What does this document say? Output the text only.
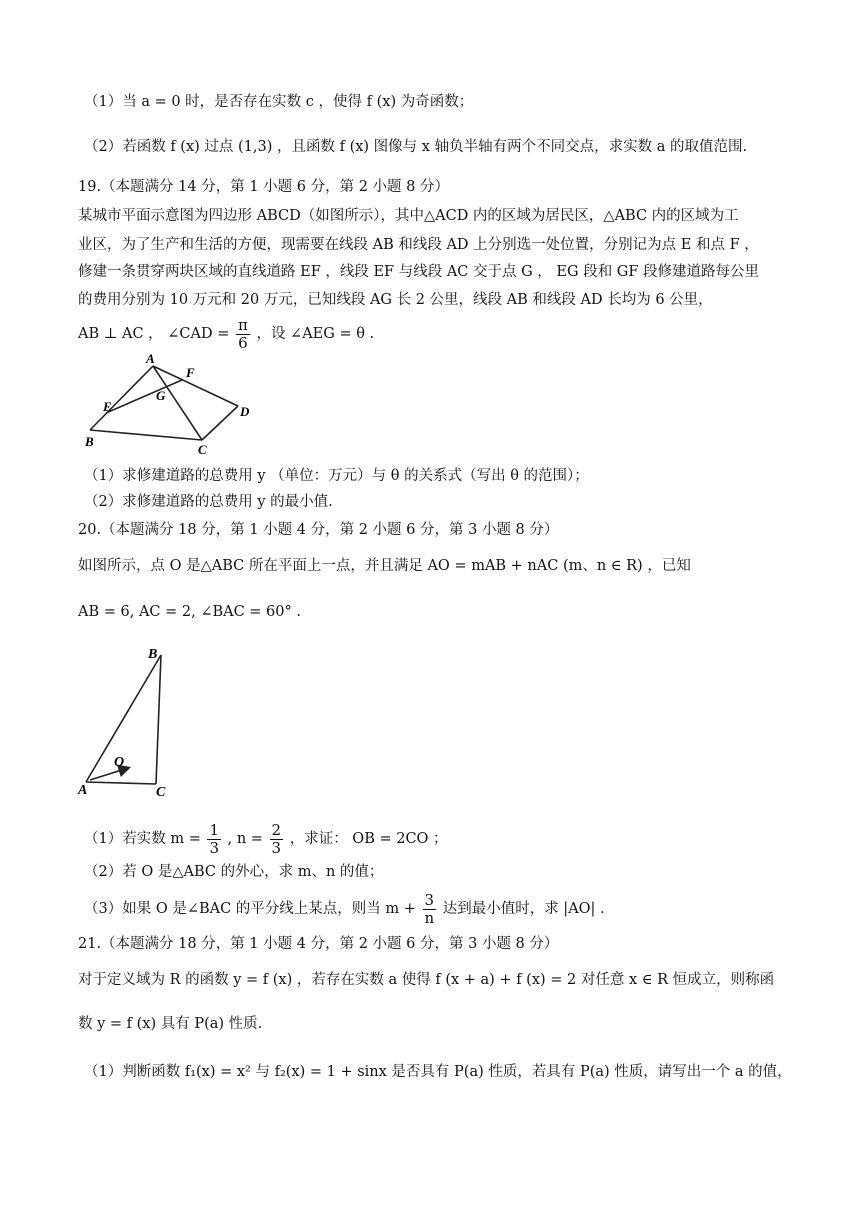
（1）当 a = 0 时，是否存在实数 c ，使得 f (x) 为奇函数；
（2）若函数 f (x) 过点 (1,3) ，且函数 f (x) 图像与 x 轴负半轴有两个不同交点，求实数 a 的取值范围.
19.（本题满分 14 分，第 1 小题 6 分，第 2 小题 8 分）
某城市平面示意图为四边形 ABCD（如图所示），其中△ACD 内的区域为居民区，△ABC 内的区域为工
业区，为了生产和生活的方便，现需要在线段 AB 和线段 AD 上分别选一处位置，分别记为点 E 和点 F ，
修建一条贯穿两块区域的直线道路 EF ，线段 EF 与线段 AC 交于点 G ， EG 段和 GF 段修建道路每公里
的费用分别为 10 万元和 20 万元，已知线段 AG 长 2 公里，线段 AB 和线段 AD 长均为 6 公里，
AB ⊥ AC ， ∠CAD = $\frac{\pi}{6}$ ，设 ∠AEG = θ .
A
F
G
E	D
B
C
（1）求修建道路的总费用 y （单位：万元）与 θ 的关系式（写出 θ 的范围）；
（2）求修建道路的总费用 y 的最小值.
20.（本题满分 18 分，第 1 小题 4 分，第 2 小题 6 分，第 3 小题 8 分）
如图所示，点 O 是△ABC 所在平面上一点，并且满足 AO = mAB + nAC (m、n ∈ R) ，已知
AB = 6, AC = 2, ∠BAC = 60° .
B
O
A	C
（1）若实数 $m = \frac{1}{3}$ , $n = \frac{2}{3}$ ，求证： OB = 2CO ；
（2）若 O 是△ABC 的外心，求 m、n 的值；
（3）如果 O 是∠BAC 的平分线上某点，则当 $m + \frac{3}{n}$ 达到最小值时，求 |AO| .
21.（本题满分 18 分，第 1 小题 4 分，第 2 小题 6 分，第 3 小题 8 分）
对于定义域为 R 的函数 y = f (x) ，若存在实数 a 使得 f (x + a) + f (x) = 2 对任意 x ∈ R 恒成立，则称函
数 y = f (x) 具有 P(a) 性质.
（1）判断函数 f₁(x) = x² 与 f₂(x) = 1 + sinx 是否具有 P(a) 性质，若具有 P(a) 性质，请写出一个 a 的值，
